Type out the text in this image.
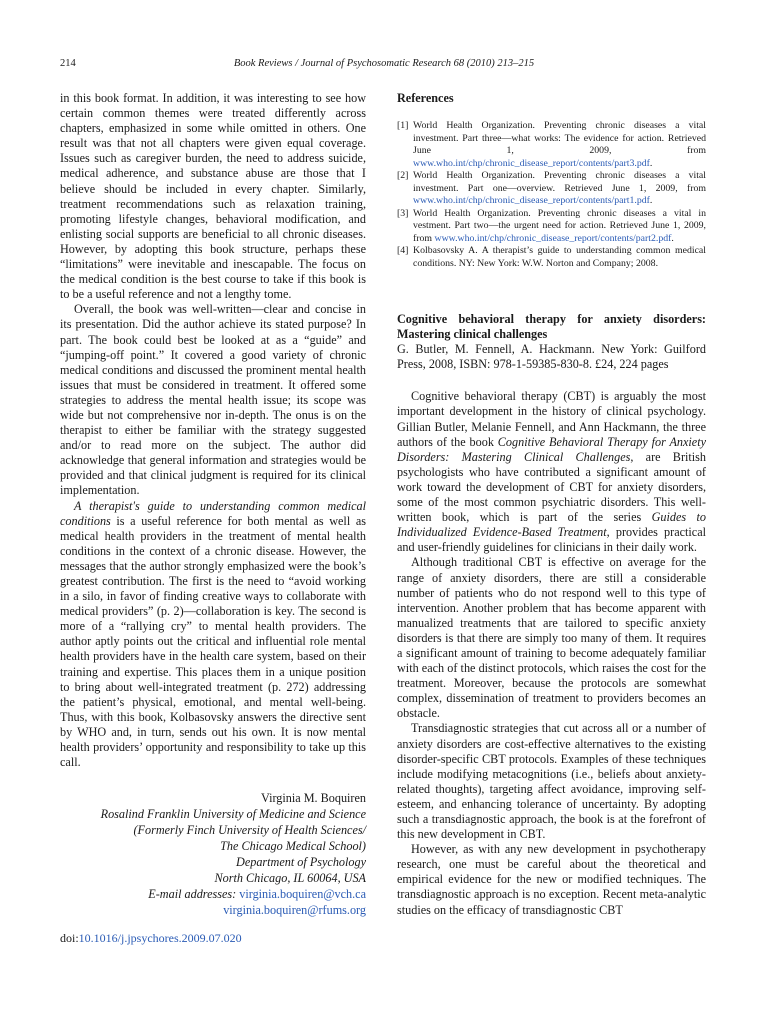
214	Book Reviews / Journal of Psychosomatic Research 68 (2010) 213–215

in this book format. In addition, it was interesting to see how certain common themes were treated differently across chapters, emphasized in some while omitted in others. One result was that not all chapters were given equal coverage. Issues such as caregiver burden, the need to address suicide, medical adherence, and substance abuse are those that I believe should be included in every chapter. Similarly, treatment recommendations such as relaxation training, promoting lifestyle changes, behavioral modification, and enlisting social supports are beneficial to all chronic diseases. However, by adopting this book structure, perhaps these “limitations” were inevitable and inescapable. The focus on the medical condition is the best course to take if this book is to be a useful reference and not a lengthy tome.

Overall, the book was well-written—clear and concise in its presentation. Did the author achieve its stated purpose? In part. The book could best be looked at as a “guide” and “jumping-off point.” It covered a good variety of chronic medical conditions and discussed the prominent mental health issues that must be considered in treatment. It offered some strategies to address the mental health issue; its scope was wide but not comprehensive nor in-depth. The onus is on the therapist to either be familiar with the strategy suggested and/or to read more on the subject. The author did acknowledge that general information and strategies would be provided and that clinical judgment is required for its clinical implementation.

A therapist's guide to understanding common medical conditions is a useful reference for both mental as well as medical health providers in the treatment of mental health conditions in the context of a chronic disease. However, the messages that the author strongly emphasized were the book’s greatest contribution. The first is the need to “avoid working in a silo, in favor of finding creative ways to collaborate with medical providers” (p. 2)—collaboration is key. The second is more of a “rallying cry” to mental health providers. The author aptly points out the critical and influential role mental health providers have in the health care system, based on their training and expertise. This places them in a unique position to bring about well-integrated treatment (p. 272) addressing the patient’s physical, emotional, and mental well-being. Thus, with this book, Kolbasovsky answers the directive sent by WHO and, in turn, sends out his own. It is now mental health providers’ opportunity and responsibility to take up this call.

Virginia M. Boquiren
Rosalind Franklin University of Medicine and Science
(Formerly Finch University of Health Sciences/
The Chicago Medical School)
Department of Psychology
North Chicago, IL 60064, USA
E-mail addresses: virginia.boquiren@vch.ca
virginia.boquiren@rfums.org
doi:10.1016/j.jpsychores.2009.07.020
References
[1] World Health Organization. Preventing chronic diseases a vital investment. Part three—what works: The evidence for action. Retrieved June 1, 2009, from www.who.int/chp/chronic_disease_report/contents/part3.pdf.
[2] World Health Organization. Preventing chronic diseases a vital investment. Part one—overview. Retrieved June 1, 2009, from www.who.int/chp/chronic_disease_report/contents/part1.pdf.
[3] World Health Organization. Preventing chronic diseases a vital in vestment. Part two—the urgent need for action. Retrieved June 1, 2009, from www.who.int/chp/chronic_disease_report/contents/part2.pdf.
[4] Kolbasovsky A. A therapist’s guide to understanding common medical conditions. NY: New York: W.W. Norton and Company; 2008.
Cognitive behavioral therapy for anxiety disorders: Mastering clinical challenges
G. Butler, M. Fennell, A. Hackmann. New York: Guilford Press, 2008, ISBN: 978-1-59385-830-8. £24, 224 pages

Cognitive behavioral therapy (CBT) is arguably the most important development in the history of clinical psychology. Gillian Butler, Melanie Fennell, and Ann Hackmann, the three authors of the book Cognitive Behavioral Therapy for Anxiety Disorders: Mastering Clinical Challenges, are British psychologists who have contributed a significant amount of work toward the development of CBT for anxiety disorders, some of the most common psychiatric disorders. This well-written book, which is part of the series Guides to Individualized Evidence-Based Treatment, provides practical and user-friendly guidelines for clinicians in their daily work.

Although traditional CBT is effective on average for the range of anxiety disorders, there are still a considerable number of patients who do not respond well to this type of intervention. Another problem that has become apparent with manualized treatments that are tailored to specific anxiety disorders is that there are simply too many of them. It requires a significant amount of training to become adequately familiar with each of the distinct protocols, which raises the cost for the treatment. Moreover, because the protocols are somewhat complex, dissemination of treatment to providers becomes an obstacle.

Transdiagnostic strategies that cut across all or a number of anxiety disorders are cost-effective alternatives to the existing disorder-specific CBT protocols. Examples of these techniques include modifying metacognitions (i.e., beliefs about anxiety-related thoughts), targeting affect avoidance, improving self-esteem, and enhancing tolerance of uncertainty. By adopting such a transdiagnostic approach, the book is at the forefront of this new development in CBT.

However, as with any new development in psychotherapy research, one must be careful about the theoretical and empirical evidence for the new or modified techniques. The transdiagnostic approach is no exception. Recent meta-analytic studies on the efficacy of transdiagnostic CBT
